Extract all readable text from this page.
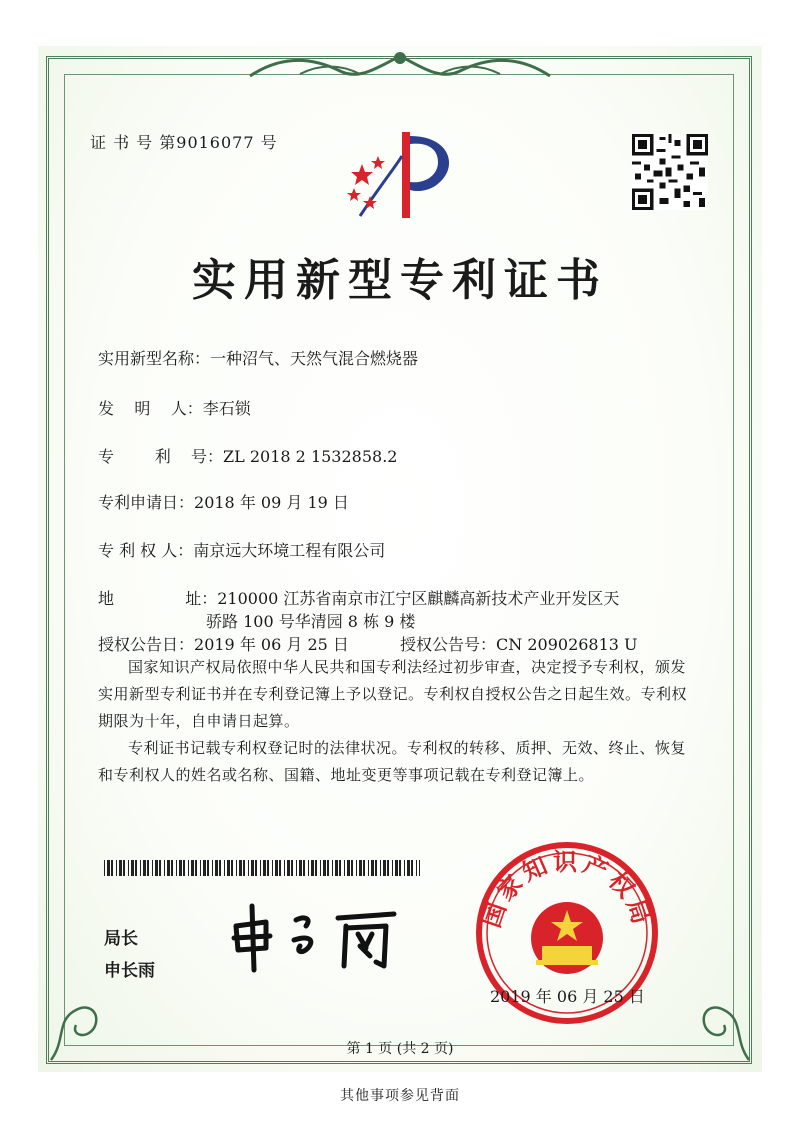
证 书 号 第9016077 号
实用新型专利证书
实用新型名称：一种沼气、天然气混合燃烧器
发    明    人：李石锁
专        利    号：ZL 2018 2 1532858.2
专利申请日：2018 年 09 月 19 日
专 利 权 人：南京远大环境工程有限公司
地              址：210000 江苏省南京市江宁区麒麟高新技术产业开发区天
骄路 100 号华清园 8 栋 9 楼
授权公告日：2019 年 06 月 25 日	授权公告号：CN 209026813 U
国家知识产权局依照中华人民共和国专利法经过初步审查，决定授予专利权，颁发实用新型专利证书并在专利登记簿上予以登记。专利权自授权公告之日起生效。专利权期限为十年，自申请日起算。
专利证书记载专利权登记时的法律状况。专利权的转移、质押、无效、终止、恢复和专利权人的姓名或名称、国籍、地址变更等事项记载在专利登记簿上。
局长
申长雨
国家知识产权局
2019 年 06 月 25 日
第 1 页 (共 2 页)
其他事项参见背面
